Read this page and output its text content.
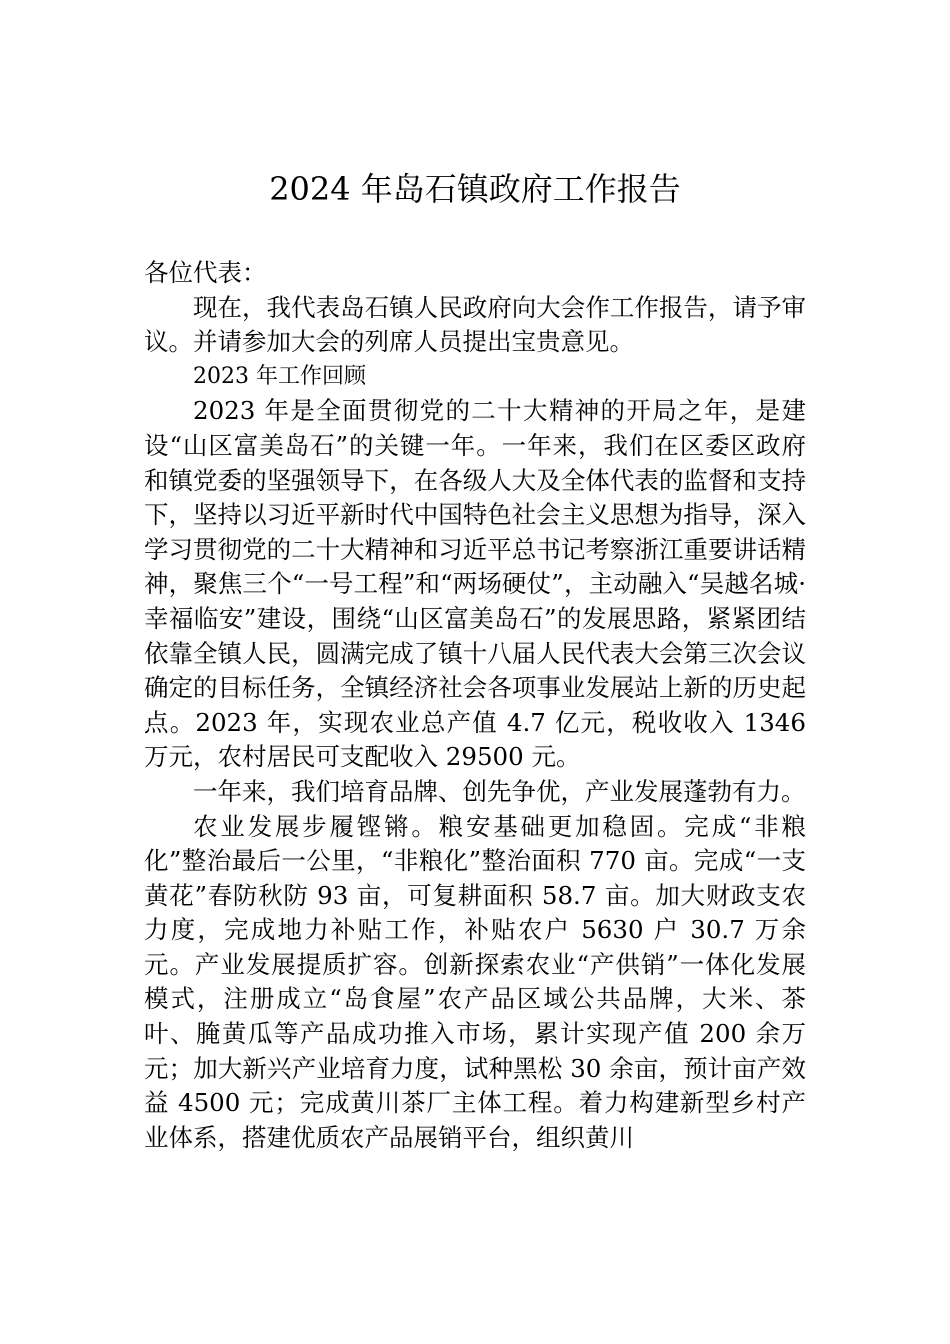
2024 年岛石镇政府工作报告

各位代表：

现在，我代表岛石镇人民政府向大会作工作报告，请予审议。并请参加大会的列席人员提出宝贵意见。

2023 年工作回顾

2023 年是全面贯彻党的二十大精神的开局之年，是建设“山区富美岛石”的关键一年。一年来，我们在区委区政府和镇党委的坚强领导下，在各级人大及全体代表的监督和支持下，坚持以习近平新时代中国特色社会主义思想为指导，深入学习贯彻党的二十大精神和习近平总书记考察浙江重要讲话精神，聚焦三个“一号工程”和“两场硬仗”，主动融入“吴越名城·幸福临安”建设，围绕“山区富美岛石”的发展思路，紧紧团结依靠全镇人民，圆满完成了镇十八届人民代表大会第三次会议确定的目标任务，全镇经济社会各项事业发展站上新的历史起点。2023 年，实现农业总产值 4.7 亿元，税收收入 1346 万元，农村居民可支配收入 29500 元。

一年来，我们培育品牌、创先争优，产业发展蓬勃有力。

农业发展步履铿锵。粮安基础更加稳固。完成“非粮化”整治最后一公里，“非粮化”整治面积 770 亩。完成“一支黄花”春防秋防 93 亩，可复耕面积 58.7 亩。加大财政支农力度，完成地力补贴工作，补贴农户 5630 户 30.7 万余元。产业发展提质扩容。创新探索农业“产供销”一体化发展模式，注册成立“岛食屋”农产品区域公共品牌，大米、茶叶、腌黄瓜等产品成功推入市场，累计实现产值 200 余万元；加大新兴产业培育力度，试种黑松 30 余亩，预计亩产效益 4500 元；完成黄川茶厂主体工程。着力构建新型乡村产业体系，搭建优质农产品展销平台，组织黄川
